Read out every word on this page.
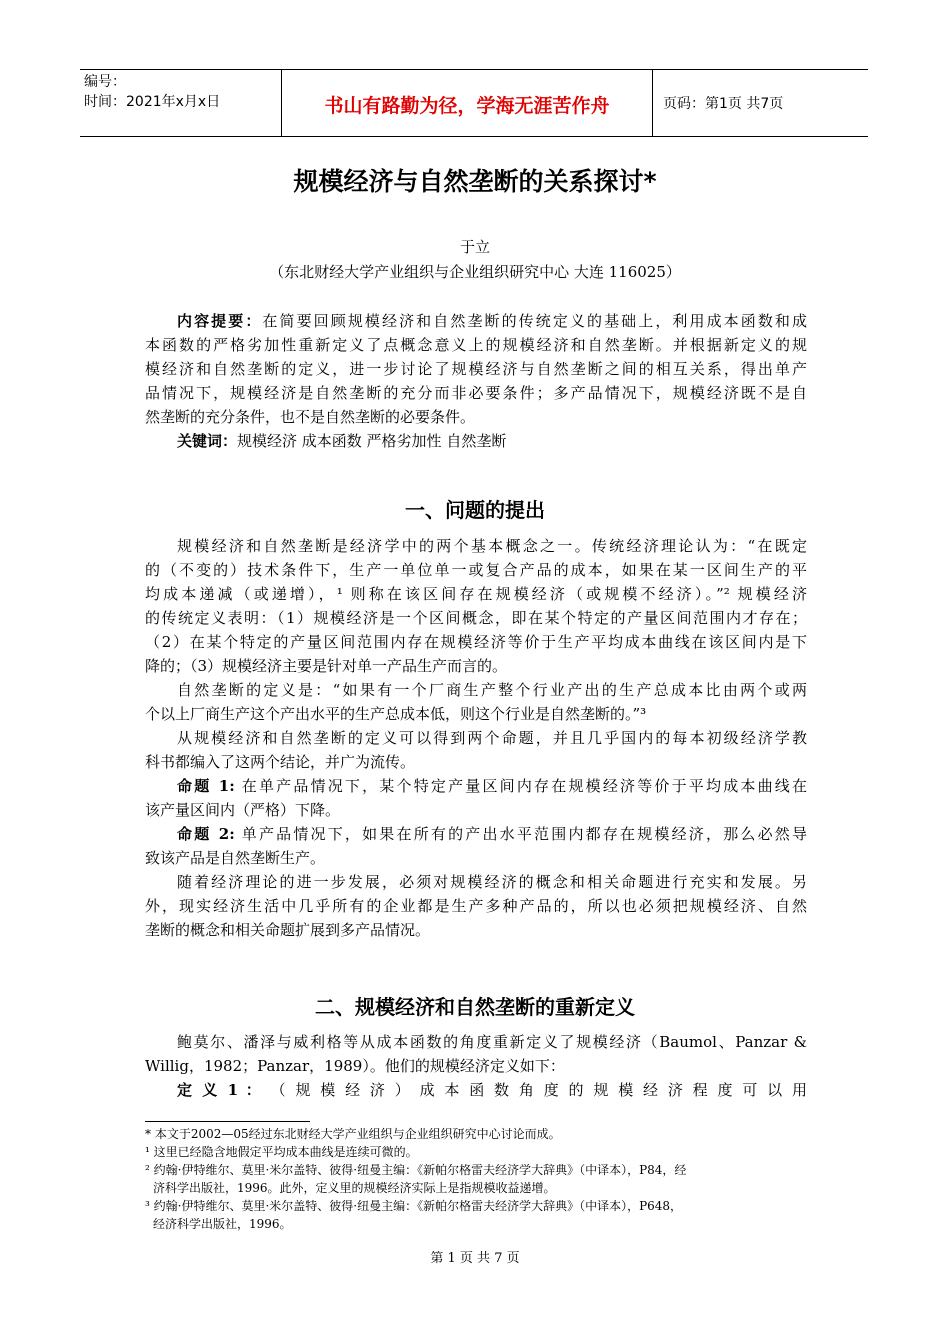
编号：
时间：2021年x月x日	书山有路勤为径，学海无涯苦作舟	页码：第1页 共7页
规模经济与自然垄断的关系探讨*
于立
（东北财经大学产业组织与企业组织研究中心 大连 116025）
内容提要：在简要回顾规模经济和自然垄断的传统定义的基础上，利用成本函数和成
本函数的严格劣加性重新定义了点概念意义上的规模经济和自然垄断。并根据新定义的规
模经济和自然垄断的定义，进一步讨论了规模经济与自然垄断之间的相互关系，得出单产
品情况下，规模经济是自然垄断的充分而非必要条件；多产品情况下，规模经济既不是自
然垄断的充分条件，也不是自然垄断的必要条件。
关键词：规模经济 成本函数 严格劣加性 自然垄断
一、问题的提出
规模经济和自然垄断是经济学中的两个基本概念之一。传统经济理论认为：“在既定
的（不变的）技术条件下，生产一单位单一或复合产品的成本，如果在某一区间生产的平
均成本递减（或递增），¹ 则称在该区间存在规模经济（或规模不经济）。”² 规模经济
的传统定义表明：（1）规模经济是一个区间概念，即在某个特定的产量区间范围内才存在；
（2）在某个特定的产量区间范围内存在规模经济等价于生产平均成本曲线在该区间内是下
降的；（3）规模经济主要是针对单一产品生产而言的。
自然垄断的定义是：“如果有一个厂商生产整个行业产出的生产总成本比由两个或两
个以上厂商生产这个产出水平的生产总成本低，则这个行业是自然垄断的。”³
从规模经济和自然垄断的定义可以得到两个命题，并且几乎国内的每本初级经济学教
科书都编入了这两个结论，并广为流传。
命题 1: 在单产品情况下，某个特定产量区间内存在规模经济等价于平均成本曲线在
该产量区间内（严格）下降。
命题 2: 单产品情况下，如果在所有的产出水平范围内都存在规模经济，那么必然导
致该产品是自然垄断生产。
随着经济理论的进一步发展，必须对规模经济的概念和相关命题进行充实和发展。另
外，现实经济生活中几乎所有的企业都是生产多种产品的，所以也必须把规模经济、自然
垄断的概念和相关命题扩展到多产品情况。
二、规模经济和自然垄断的重新定义
鲍莫尔、潘泽与威利格等从成本函数的角度重新定义了规模经济（Baumol、Panzar &
Willig，1982；Panzar，1989）。他们的规模经济定义如下：
定 义 1 ： （ 规 模 经 济 ） 成 本 函 数 角 度 的 规 模 经 济 程 度 可 以 用
* 本文于2002—05经过东北财经大学产业组织与企业组织研究中心讨论而成。
¹ 这里已经隐含地假定平均成本曲线是连续可微的。
² 约翰·伊特维尔、莫里·米尔盖特、彼得·纽曼主编：《新帕尔格雷夫经济学大辞典》（中译本），P84，经
济科学出版社，1996。此外，定义里的规模经济实际上是指规模收益递增。
³ 约翰·伊特维尔、莫里·米尔盖特、彼得·纽曼主编：《新帕尔格雷夫经济学大辞典》（中译本），P648，
经济科学出版社，1996。
第 1 页 共 7 页
